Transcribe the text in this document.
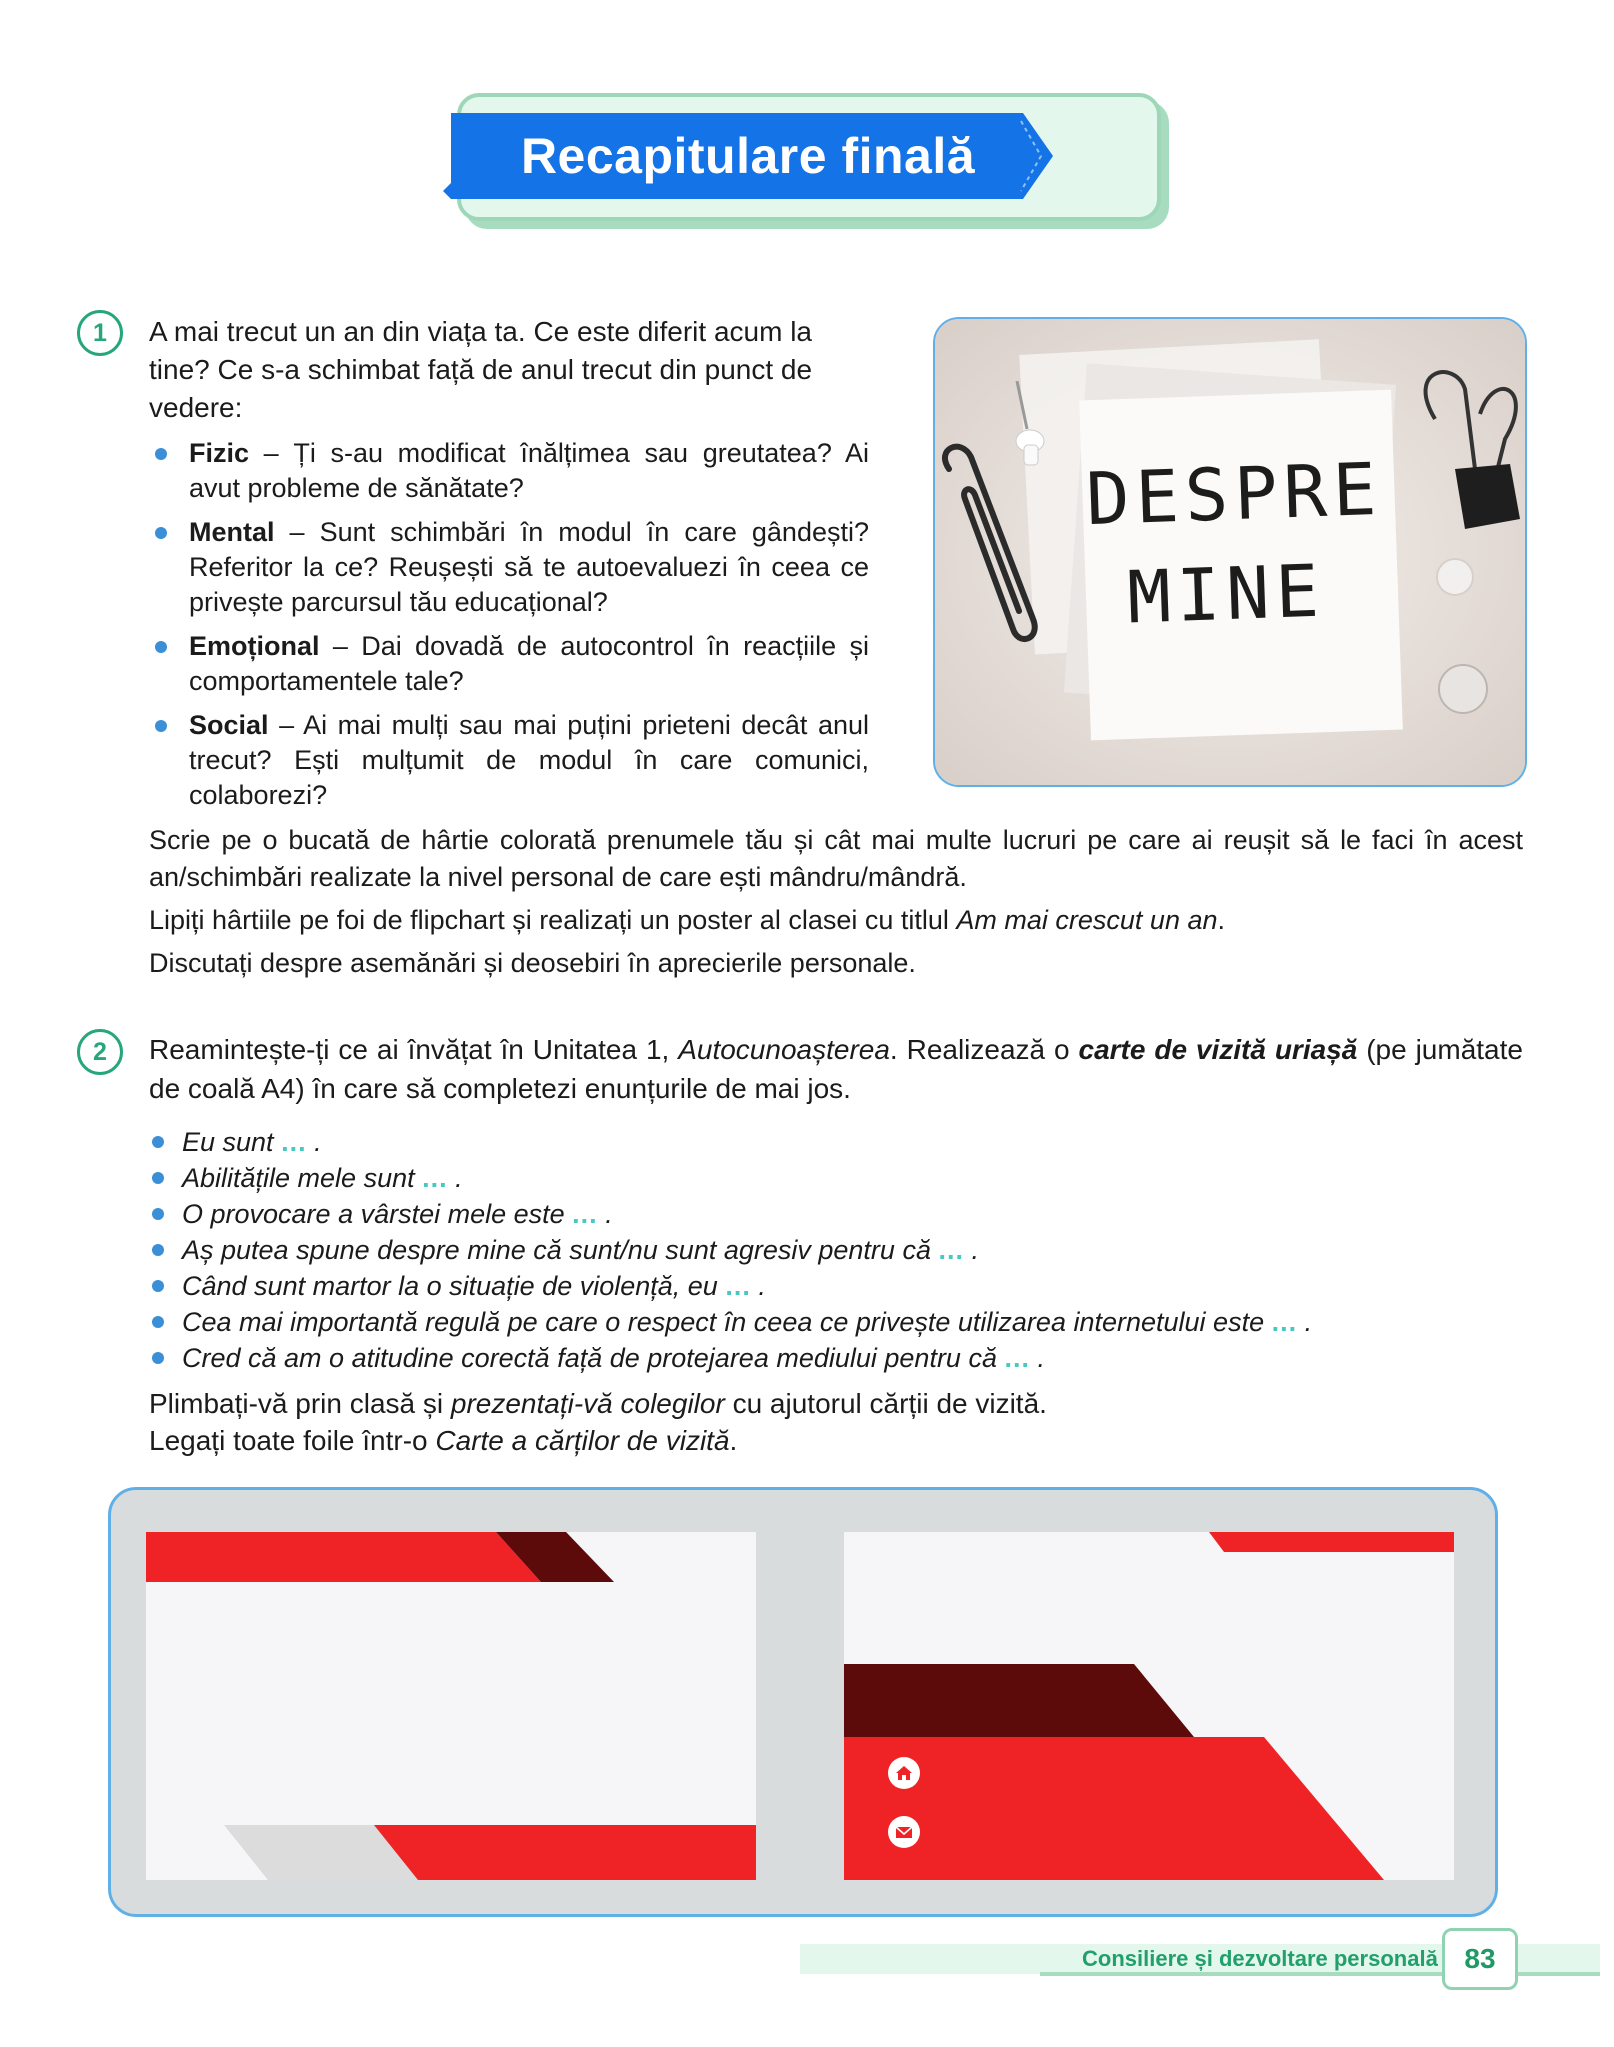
Recapitulare finală
1	A mai trecut un an din viața ta. Ce este diferit acum la tine? Ce s-a schimbat față de anul trecut din punct de vedere:

Fizic – Ți s-au modificat înălțimea sau greutatea? Ai avut probleme de sănătate?
Mental – Sunt schimbări în modul în care gândești? Referitor la ce? Reușești să te autoevaluezi în ceea ce privește parcursul tău educațional?
Emoțional – Dai dovadă de autocontrol în reacțiile și comportamentele tale?
Social – Ai mai mulți sau mai puțini prieteni decât anul trecut? Ești mulțumit de modul în care comunici, colaborezi?
DESPRE
MINE

Scrie pe o bucată de hârtie colorată prenumele tău și cât mai multe lucruri pe care ai reușit să le faci în acest an/schimbări realizate la nivel personal de care ești mândru/mândră.

Lipiți hârtiile pe foi de flipchart și realizați un poster al clasei cu titlul Am mai crescut un an.

Discutați despre asemănări și deosebiri în aprecierile personale.

2	Reamintește-ți ce ai învățat în Unitatea 1, Autocunoașterea. Realizează o carte de vizită uriașă (pe jumătate de coală A4) în care să completezi enunțurile de mai jos.

Eu sunt ... .
Abilitățile mele sunt ... .
O provocare a vârstei mele este ... .
Aș putea spune despre mine că sunt/nu sunt agresiv pentru că ... .
Când sunt martor la o situație de violență, eu ... .
Cea mai importantă regulă pe care o respect în ceea ce privește utilizarea internetului este ... .
Cred că am o atitudine corectă față de protejarea mediului pentru că ... .

Plimbați-vă prin clasă și prezentați-vă colegilor cu ajutorul cărții de vizită.
Legați toate foile într-o Carte a cărților de vizită.

Consiliere și dezvoltare personală 83
